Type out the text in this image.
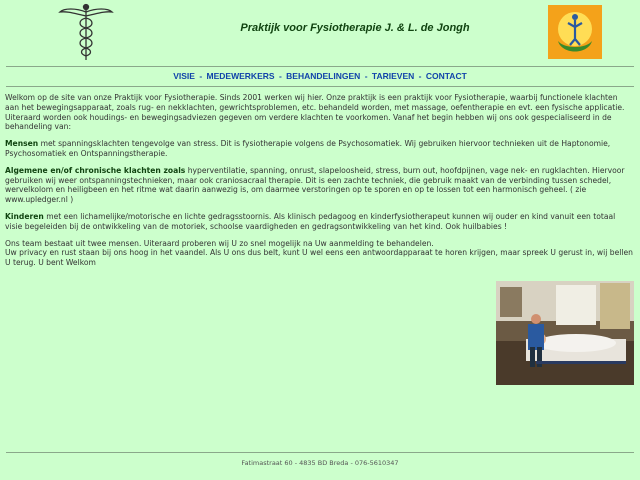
Praktijk voor Fysiotherapie J. & L. de Jongh
VISIE - MEDEWERKERS - BEHANDELINGEN - TARIEVEN - CONTACT

Welkom op de site van onze Praktijk voor Fysiotherapie. Sinds 2001 werken wij hier. Onze praktijk is een praktijk voor Fysiotherapie, waarbij functionele klachten aan het bewegingsapparaat, zoals rug- en nekklachten, gewrichtsproblemen, etc. behandeld worden, met massage, oefentherapie en evt. een fysische applicatie. Uiteraard worden ook houdings- en bewegingsadviezen gegeven om verdere klachten te voorkomen. Vanaf het begin hebben wij ons ook gespecialiseerd in de behandeling van:

Mensen met spanningsklachten tengevolge van stress. Dit is fysiotherapie volgens de Psychosomatiek. Wij gebruiken hiervoor technieken uit de Haptonomie, Psychosomatiek en Ontspanningstherapie.

Algemene en/of chronische klachten zoals hyperventilatie, spanning, onrust, slapeloosheid, stress, burn out, hoofdpijnen, vage nek- en rugklachten. Hiervoor gebruiken wij weer ontspanningstechnieken, maar ook craniosacraal therapie. Dit is een zachte techniek, die gebruik maakt van de verbinding tussen schedel, wervelkolom en heiligbeen en het ritme wat daarin aanwezig is, om daarmee verstoringen op te sporen en op te lossen tot een harmonisch geheel. ( zie www.upledger.nl )

Kinderen met een lichamelijke/motorische en lichte gedragsstoornis. Als klinisch pedagoog en kinderfysiotherapeut kunnen wij ouder en kind vanuit een totaal visie begeleiden bij de ontwikkeling van de motoriek, schoolse vaardigheden en gedragsontwikkeling van het kind. Ook huilbabies !

Ons team bestaat uit twee mensen. Uiteraard proberen wij U zo snel mogelijk na Uw aanmelding te behandelen.
Uw privacy en rust staan bij ons hoog in het vaandel. Als U ons dus belt, kunt U wel eens een antwoordapparaat te horen krijgen, maar spreek U gerust in, wij bellen U terug. U bent Welkom

Fatimastraat 60 - 4835 BD Breda - 076-5610347
